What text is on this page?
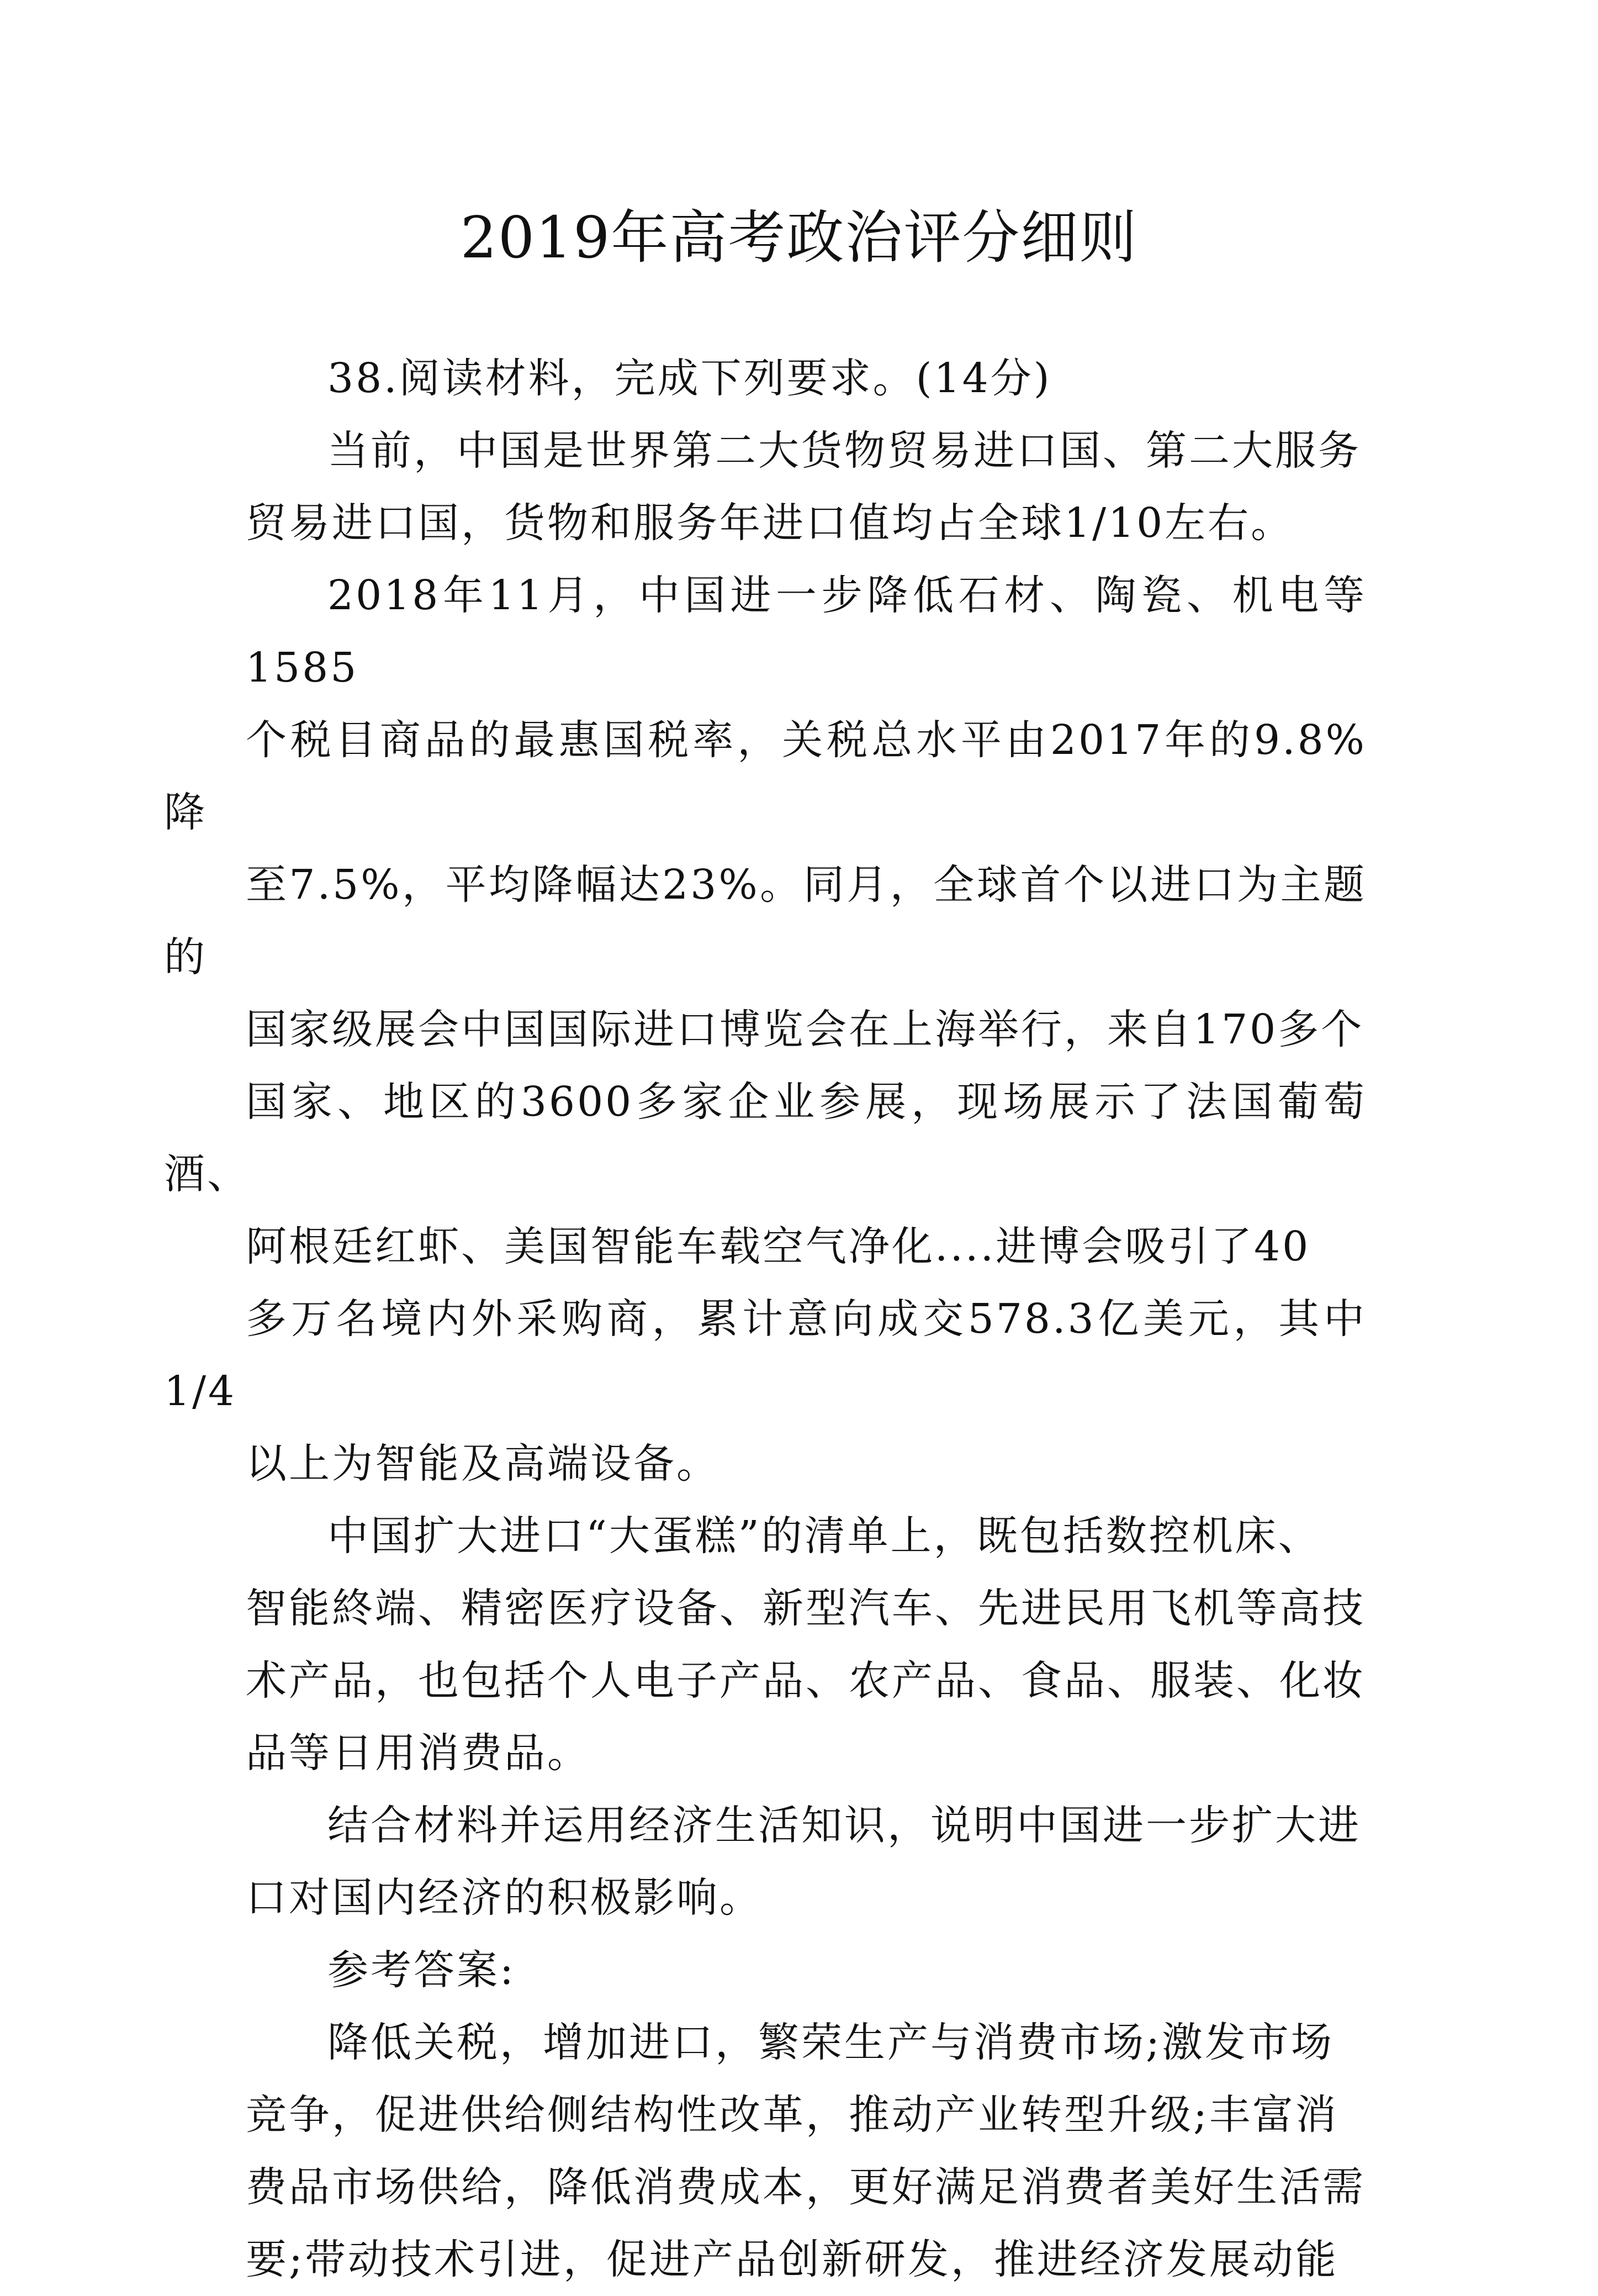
2019年高考政治评分细则

38.阅读材料，完成下列要求。(14分)

当前，中国是世界第二大货物贸易进口国、第二大服务
贸易进口国，货物和服务年进口值均占全球1/10左右。

2018年11月，中国进一步降低石材、陶瓷、机电等1585
个税目商品的最惠国税率，关税总水平由2017年的9.8%降
至7.5%，平均降幅达23%。同月，全球首个以进口为主题的
国家级展会中国国际进口博览会在上海举行，来自170多个
国家、地区的3600多家企业参展，现场展示了法国葡萄酒、
阿根廷红虾、美国智能车载空气净化....进博会吸引了40
多万名境内外采购商，累计意向成交578.3亿美元，其中1/4
以上为智能及高端设备。

中国扩大进口“大蛋糕”的清单上，既包括数控机床、
智能終端、精密医疗设备、新型汽车、先进民用飞机等高技
术产品，也包括个人电子产品、农产品、食品、服装、化妆
品等日用消费品。

结合材料并运用经济生活知识，说明中国进一步扩大进
口对国内经济的积极影响。

参考答案:

降低关税，增加进口，繁荣生产与消费市场;激发市场
竞争，促进供给侧结构性改革，推动产业转型升级;丰富消
费品市场供给，降低消费成本，更好满足消费者美好生活需
要;带动技术引进，促进产品创新研发，推进经济发展动能
